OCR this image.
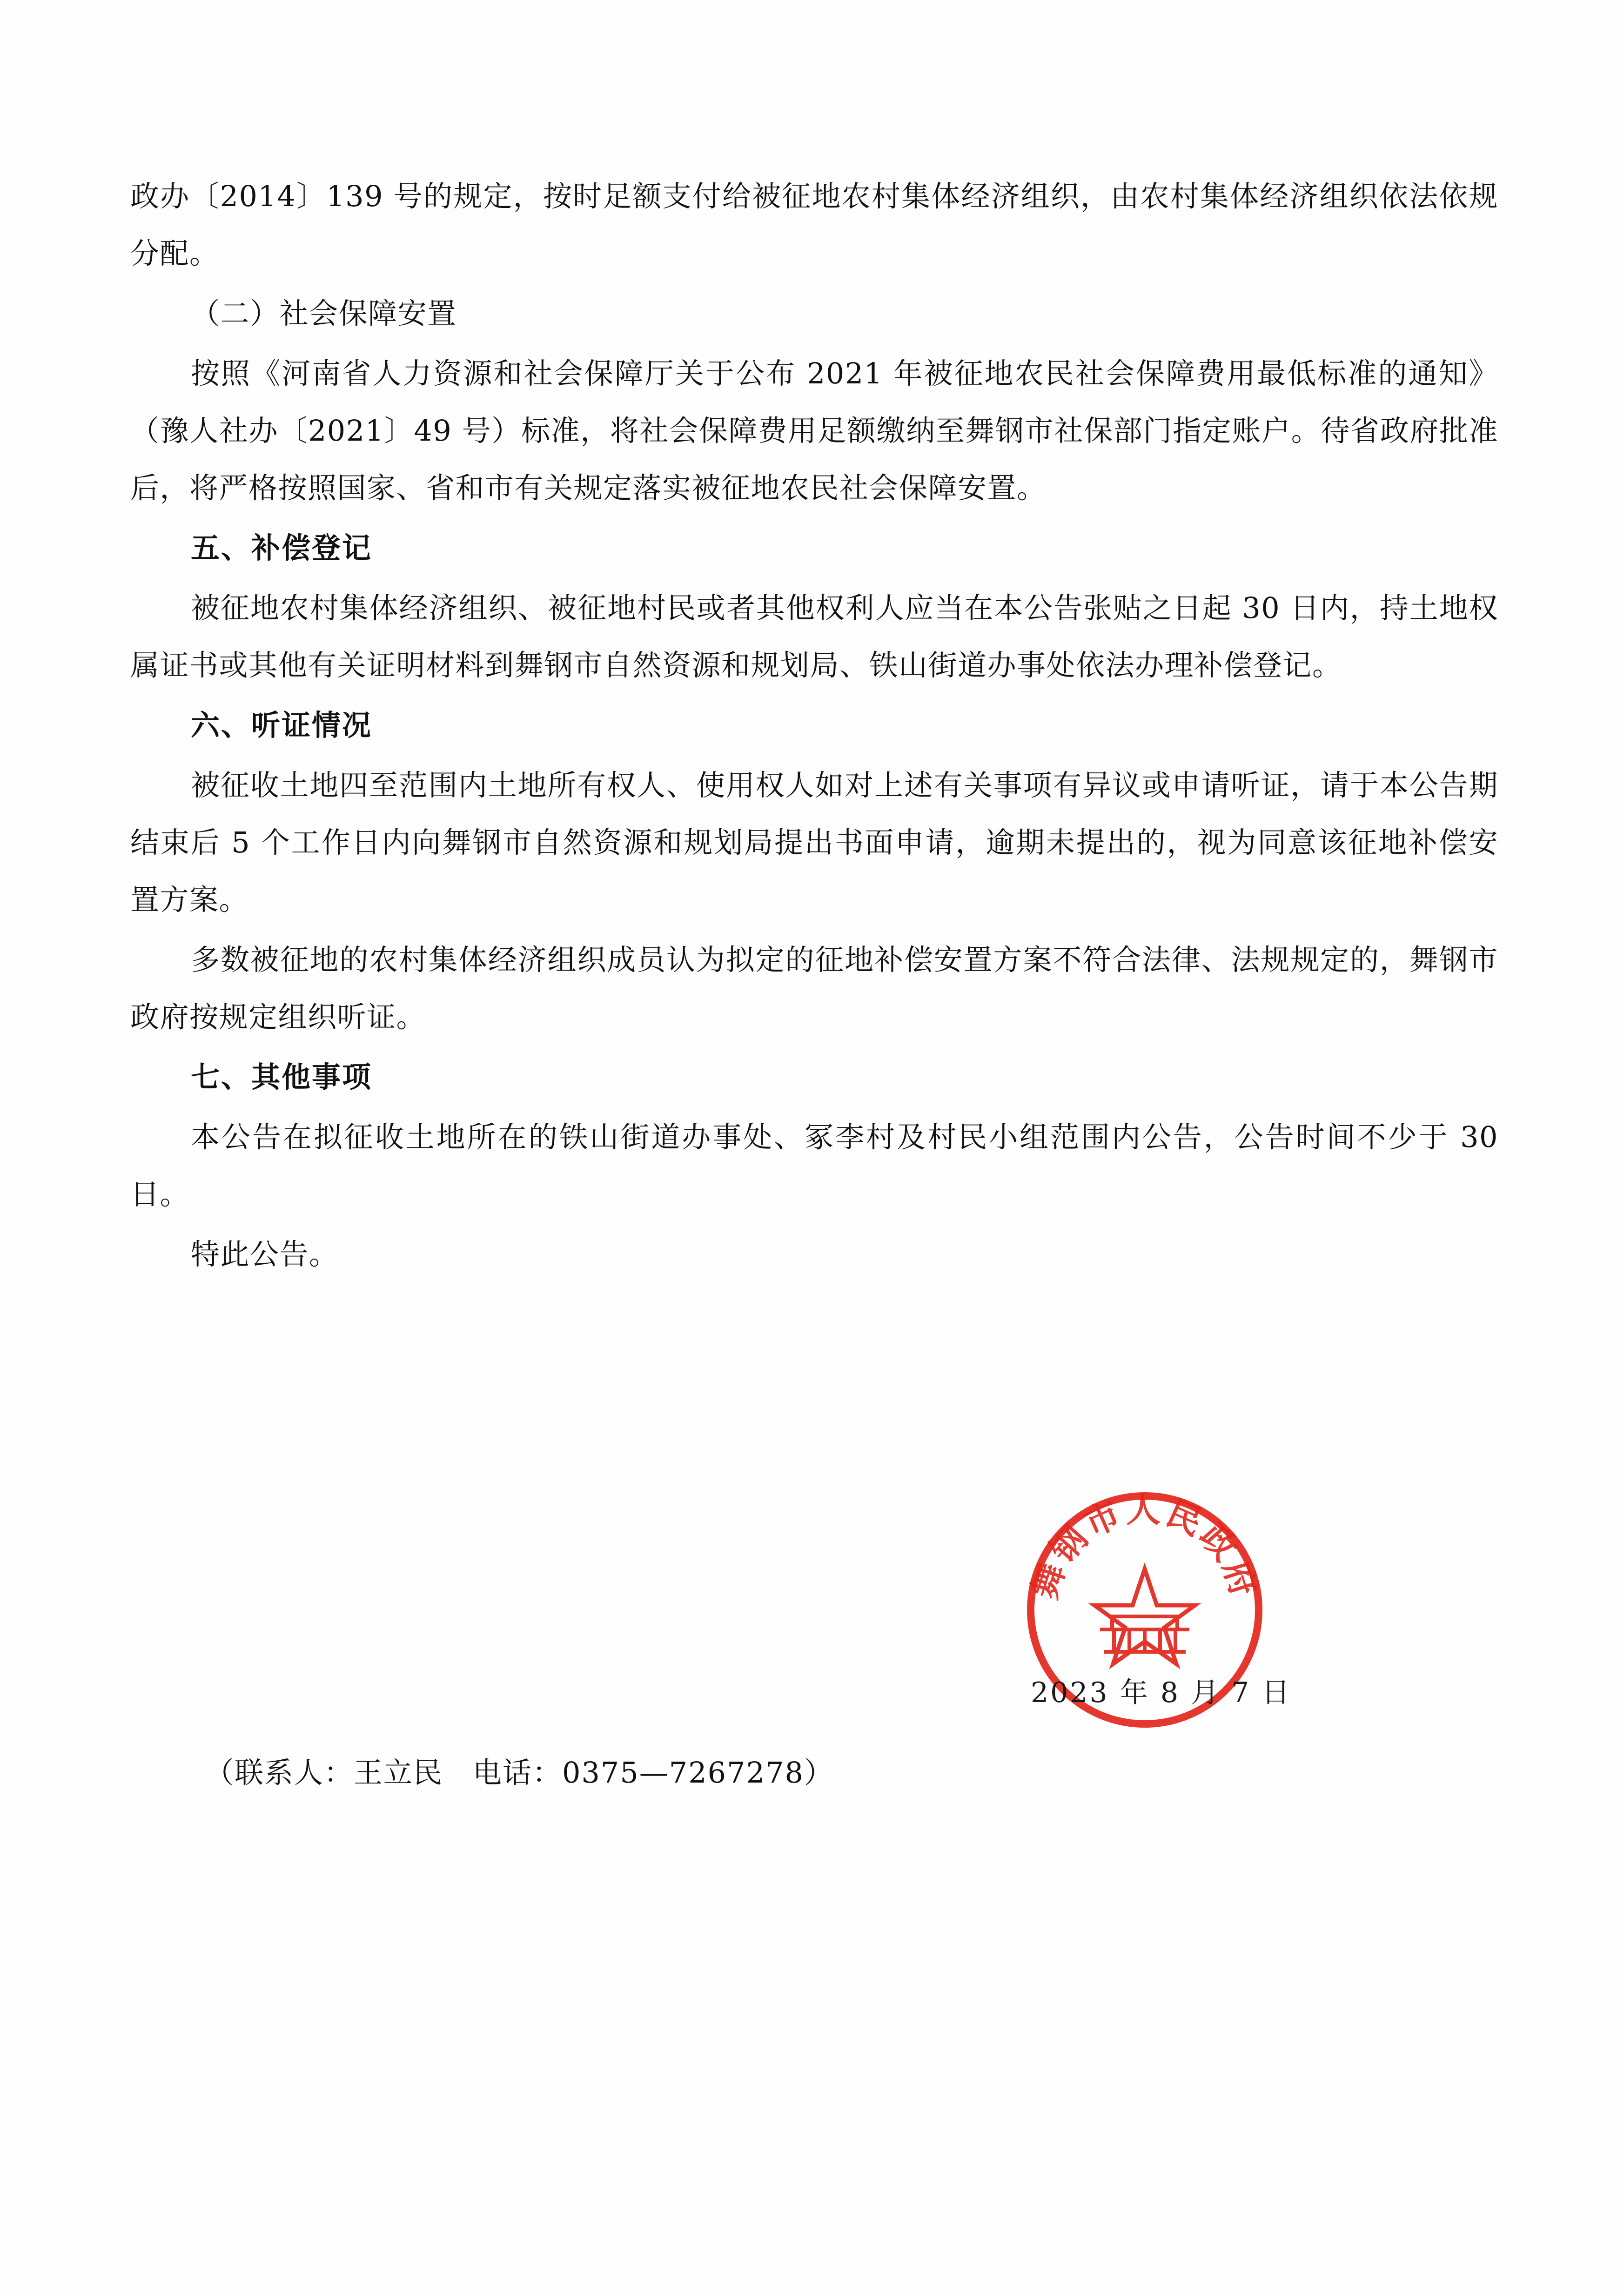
政办〔2014〕139 号的规定，按时足额支付给被征地农村集体经济组织，由农村集体经济组织依法依规分配。

（二）社会保障安置

按照《河南省人力资源和社会保障厅关于公布 2021 年被征地农民社会保障费用最低标准的通知》（豫人社办〔2021〕49 号）标准，将社会保障费用足额缴纳至舞钢市社保部门指定账户。待省政府批准后，将严格按照国家、省和市有关规定落实被征地农民社会保障安置。

五、补偿登记

被征地农村集体经济组织、被征地村民或者其他权利人应当在本公告张贴之日起 30 日内，持土地权属证书或其他有关证明材料到舞钢市自然资源和规划局、铁山街道办事处依法办理补偿登记。

六、听证情况

被征收土地四至范围内土地所有权人、使用权人如对上述有关事项有异议或申请听证，请于本公告期结束后 5 个工作日内向舞钢市自然资源和规划局提出书面申请，逾期未提出的，视为同意该征地补偿安置方案。

多数被征地的农村集体经济组织成员认为拟定的征地补偿安置方案不符合法律、法规规定的，舞钢市政府按规定组织听证。

七、其他事项

本公告在拟征收土地所在的铁山街道办事处、冢李村及村民小组范围内公告，公告时间不少于 30 日。

特此公告。

舞钢市人民政府
2023 年 8 月 7 日
（联系人：王立民　电话：0375—7267278）
